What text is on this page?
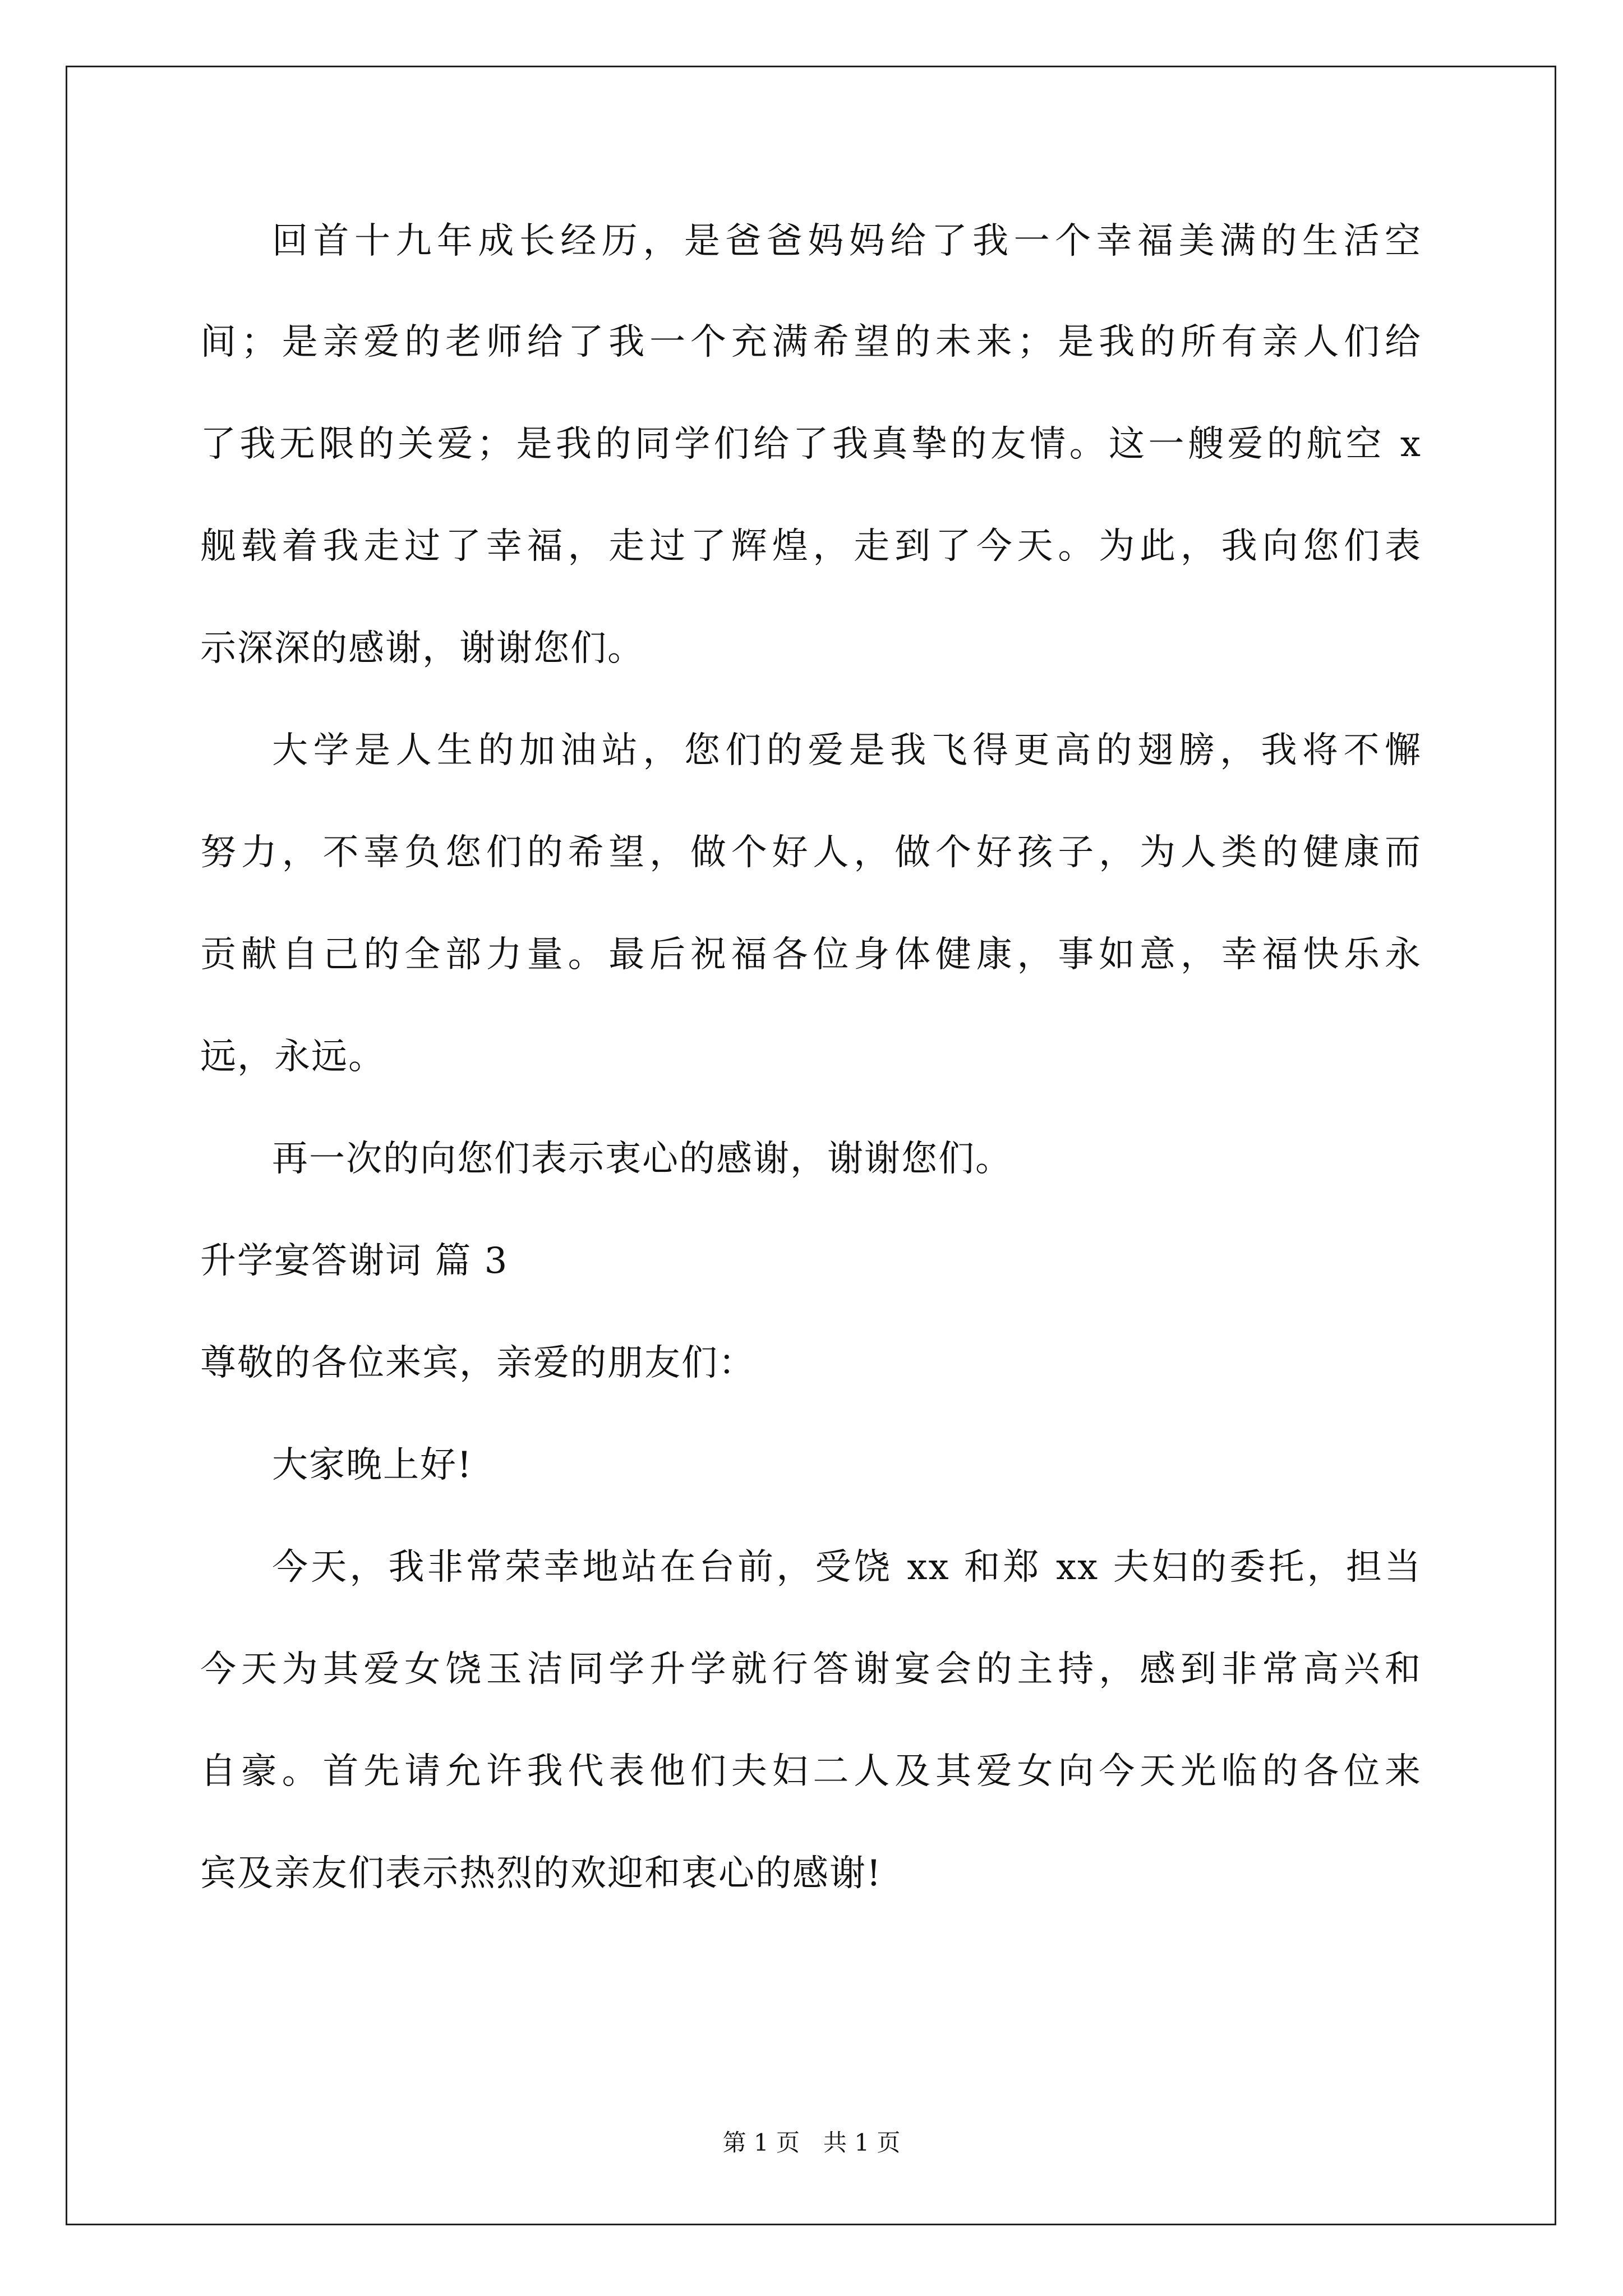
回首十九年成长经历，是爸爸妈妈给了我一个幸福美满的生活空
间；是亲爱的老师给了我一个充满希望的未来；是我的所有亲人们给
了我无限的关爱；是我的同学们给了我真挚的友情。这一艘爱的航空 x
舰载着我走过了幸福，走过了辉煌，走到了今天。为此，我向您们表
示深深的感谢，谢谢您们。
大学是人生的加油站，您们的爱是我飞得更高的翅膀，我将不懈
努力，不辜负您们的希望，做个好人，做个好孩子，为人类的健康而
贡献自己的全部力量。最后祝福各位身体健康，事如意，幸福快乐永
远，永远。
再一次的向您们表示衷心的感谢，谢谢您们。
升学宴答谢词 篇 3
尊敬的各位来宾，亲爱的朋友们：
大家晚上好!
今天，我非常荣幸地站在台前，受饶 xx 和郑 xx 夫妇的委托，担当
今天为其爱女饶玉洁同学升学就行答谢宴会的主持，感到非常高兴和
自豪。首先请允许我代表他们夫妇二人及其爱女向今天光临的各位来
宾及亲友们表示热烈的欢迎和衷心的感谢!
第 1 页　共 1 页
